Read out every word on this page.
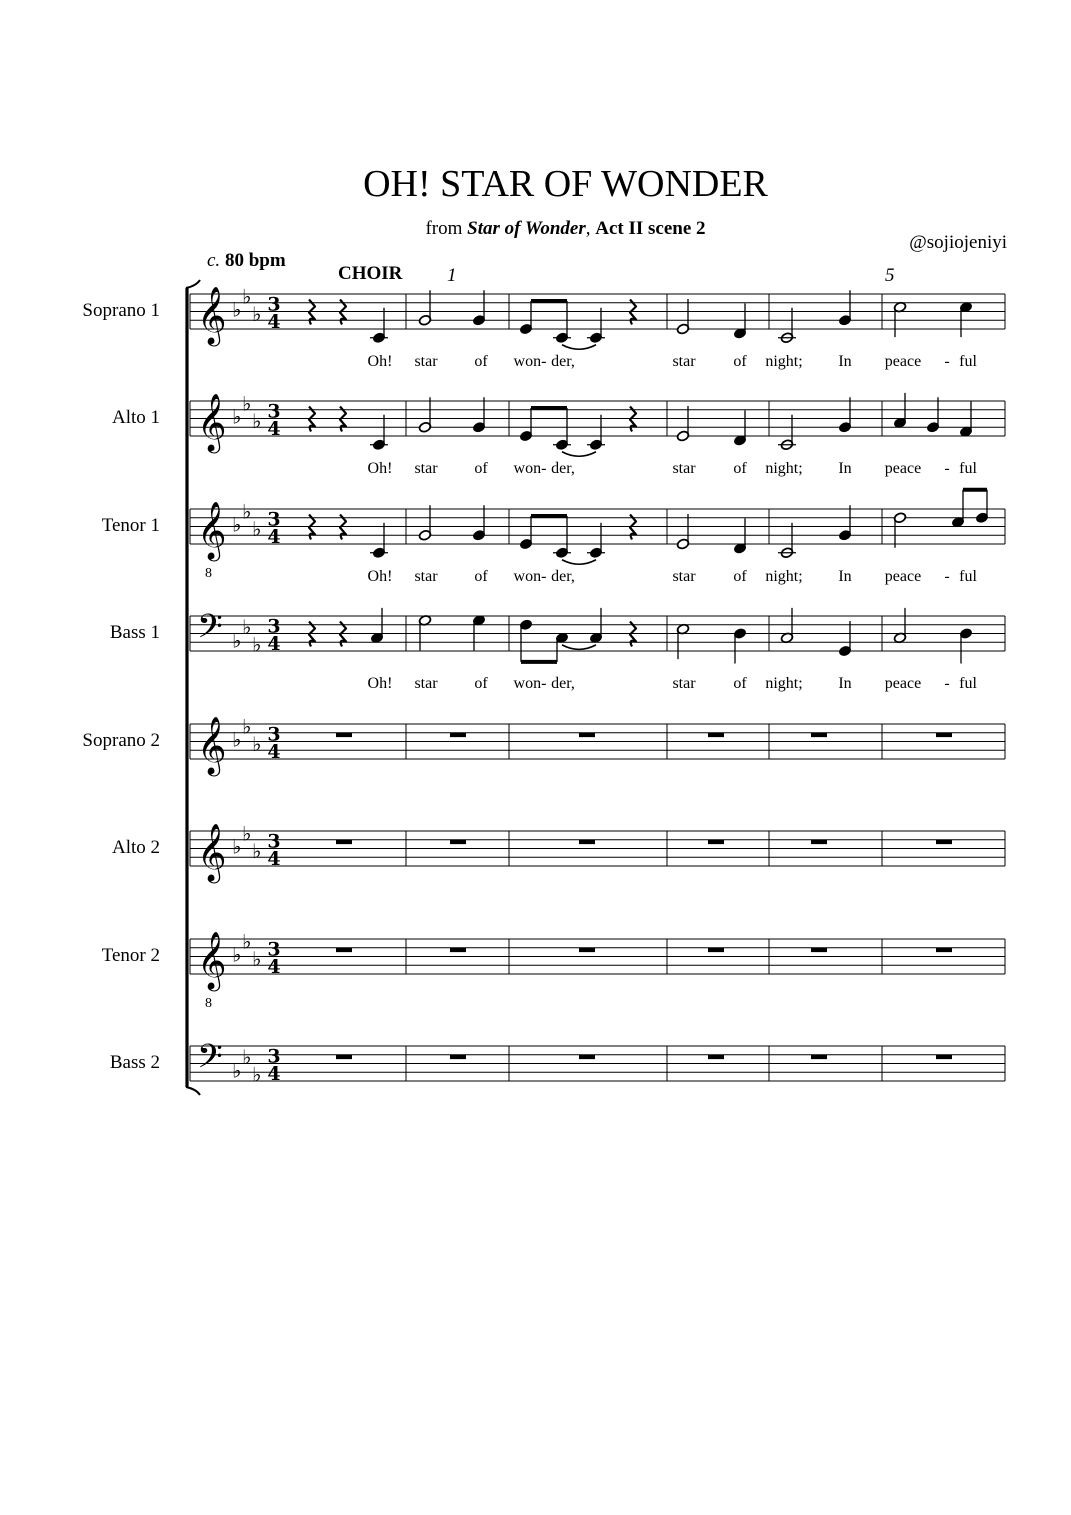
OH! STAR OF WONDER
from Star of Wonder, Act II scene 2
@sojiojeniyi
c. 80 bpm
CHOIR 1	5
𝄞 ♭
♭
♭ 3
4
Oh! star of won- der,	star of night; In peace - ful
𝄞 ♭
♭
♭ 3
4
Oh! star of won- der,	star of night; In peace - ful
𝄞
8
♭
♭
♭ 3
4
Oh! star of won- der,	star of night; In peace - ful
𝄢 ♭
♭
♭
3
4
Oh! star of won- der,	star of night; In peace - ful
𝄞 ♭
♭
♭ 3
4
𝄞 ♭
♭
♭ 3
4
𝄞
8
♭
♭
♭ 3
4
𝄢 ♭
♭
♭
3
4
Soprano 1
Alto 1
Tenor 1
Bass 1
Soprano 2
Alto 2
Tenor 2
Bass 2
